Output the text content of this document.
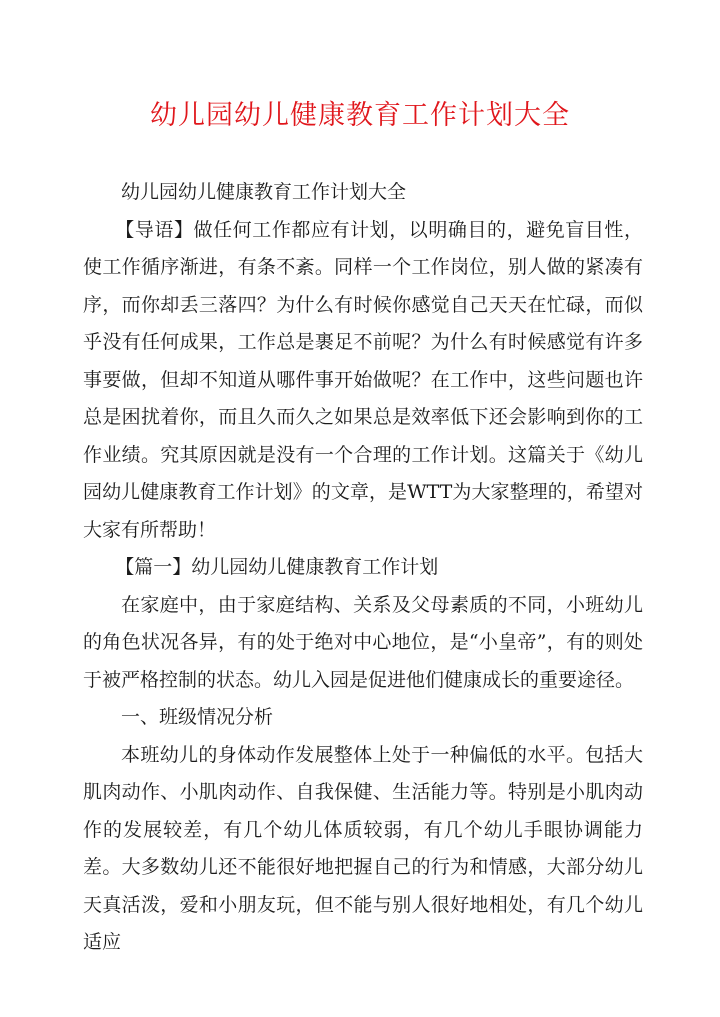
幼儿园幼儿健康教育工作计划大全

幼儿园幼儿健康教育工作计划大全

【导语】做任何工作都应有计划，以明确目的，避免盲目性，使工作循序渐进，有条不紊。同样一个工作岗位，别人做的紧凑有序，而你却丢三落四？为什么有时候你感觉自己天天在忙碌，而似乎没有任何成果，工作总是裹足不前呢？为什么有时候感觉有许多事要做，但却不知道从哪件事开始做呢？在工作中，这些问题也许总是困扰着你，而且久而久之如果总是效率低下还会影响到你的工作业绩。究其原因就是没有一个合理的工作计划。这篇关于《幼儿园幼儿健康教育工作计划》的文章，是WTT为大家整理的，希望对大家有所帮助！

【篇一】幼儿园幼儿健康教育工作计划

在家庭中，由于家庭结构、关系及父母素质的不同，小班幼儿的角色状况各异，有的处于绝对中心地位，是“小皇帝”，有的则处于被严格控制的状态。幼儿入园是促进他们健康成长的重要途径。

一、班级情况分析

本班幼儿的身体动作发展整体上处于一种偏低的水平。包括大肌肉动作、小肌肉动作、自我保健、生活能力等。特别是小肌肉动作的发展较差，有几个幼儿体质较弱，有几个幼儿手眼协调能力差。大多数幼儿还不能很好地把握自己的行为和情感，大部分幼儿天真活泼，爱和小朋友玩，但不能与别人很好地相处，有几个幼儿适应
